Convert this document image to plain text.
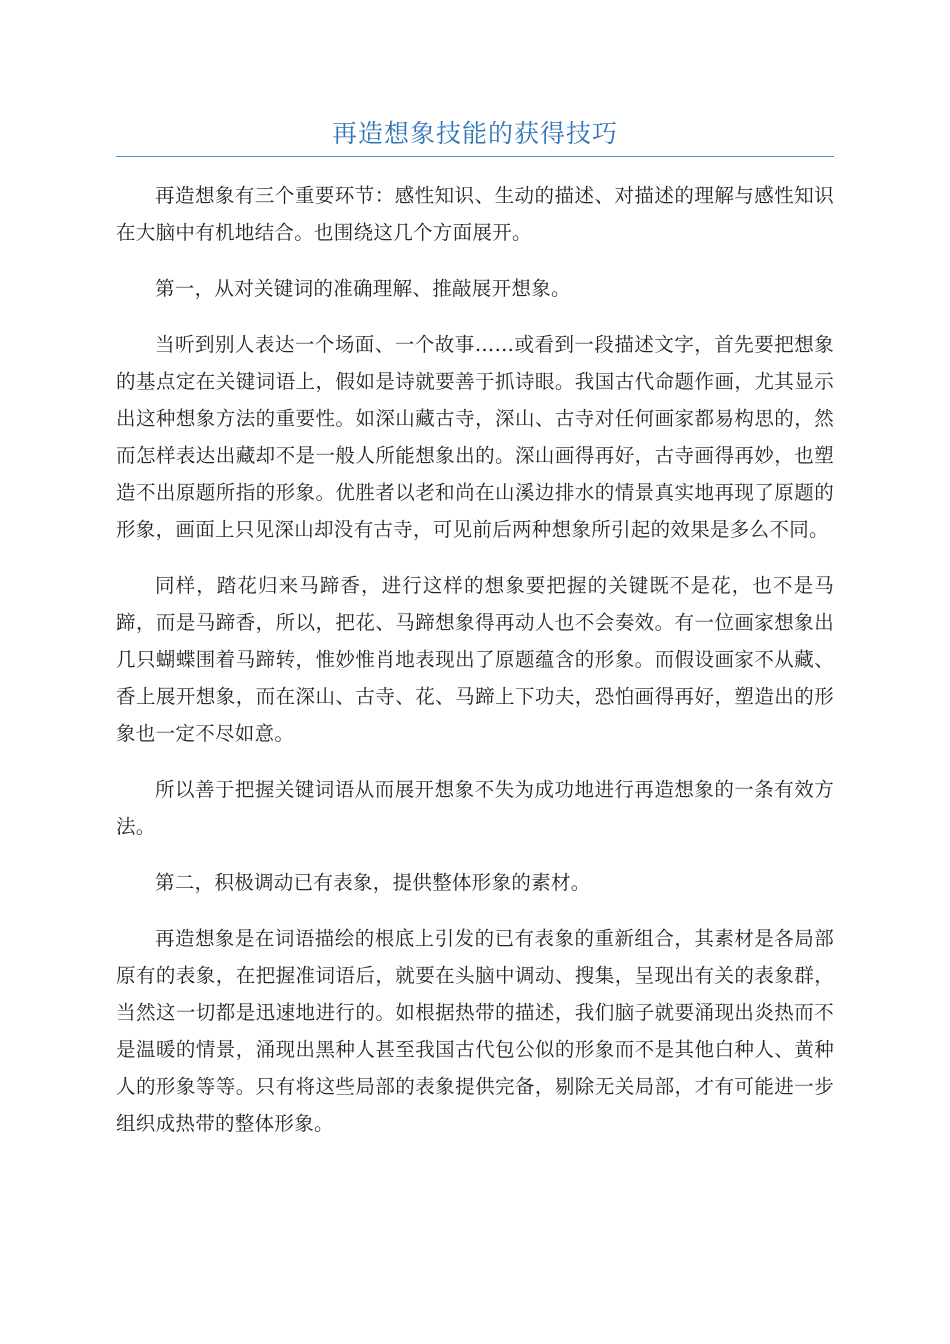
再造想象技能的获得技巧

再造想象有三个重要环节：感性知识、生动的描述、对描述的理解与感性知识在大脑中有机地结合。也围绕这几个方面展开。

第一，从对关键词的准确理解、推敲展开想象。

当听到别人表达一个场面、一个故事……或看到一段描述文字，首先要把想象的基点定在关键词语上，假如是诗就要善于抓诗眼。我国古代命题作画，尤其显示出这种想象方法的重要性。如深山藏古寺，深山、古寺对任何画家都易构思的，然而怎样表达出藏却不是一般人所能想象出的。深山画得再好，古寺画得再妙，也塑造不出原题所指的形象。优胜者以老和尚在山溪边排水的情景真实地再现了原题的形象，画面上只见深山却没有古寺，可见前后两种想象所引起的效果是多么不同。

同样，踏花归来马蹄香，进行这样的想象要把握的关键既不是花，也不是马蹄，而是马蹄香，所以，把花、马蹄想象得再动人也不会奏效。有一位画家想象出几只蝴蝶围着马蹄转，惟妙惟肖地表现出了原题蕴含的形象。而假设画家不从藏、香上展开想象，而在深山、古寺、花、马蹄上下功夫，恐怕画得再好，塑造出的形象也一定不尽如意。

所以善于把握关键词语从而展开想象不失为成功地进行再造想象的一条有效方法。

第二，积极调动已有表象，提供整体形象的素材。

再造想象是在词语描绘的根底上引发的已有表象的重新组合，其素材是各局部原有的表象，在把握准词语后，就要在头脑中调动、搜集，呈现出有关的表象群，当然这一切都是迅速地进行的。如根据热带的描述，我们脑子就要涌现出炎热而不是温暖的情景，涌现出黑种人甚至我国古代包公似的形象而不是其他白种人、黄种人的形象等等。只有将这些局部的表象提供完备，剔除无关局部，才有可能进一步组织成热带的整体形象。
